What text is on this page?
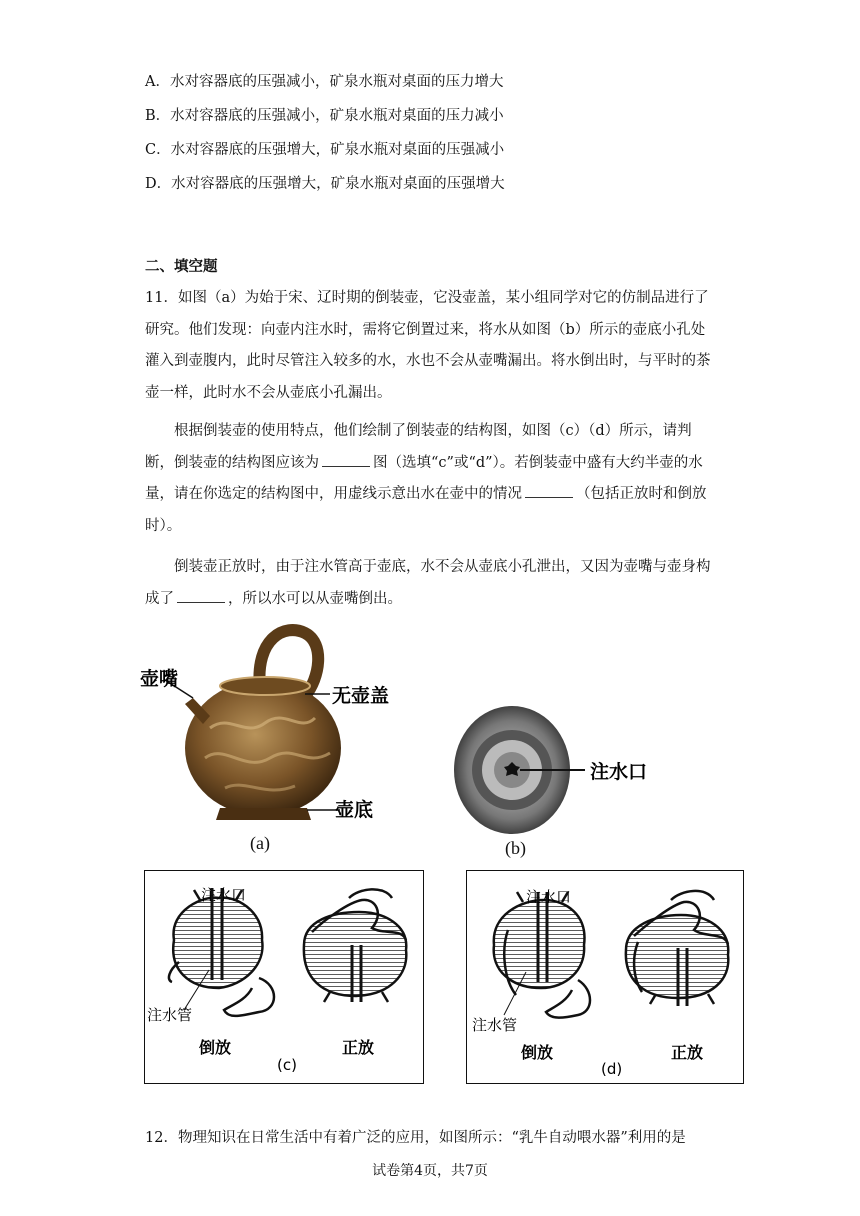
A．水对容器底的压强减小，矿泉水瓶对桌面的压力增大
B．水对容器底的压强减小，矿泉水瓶对桌面的压力减小
C．水对容器底的压强增大，矿泉水瓶对桌面的压强减小
D．水对容器底的压强增大，矿泉水瓶对桌面的压强增大
二、填空题
11．如图（a）为始于宋、辽时期的倒装壶，它没壶盖，某小组同学对它的仿制品进行了研究。他们发现：向壶内注水时，需将它倒置过来，将水从如图（b）所示的壶底小孔处灌入到壶腹内，此时尽管注入较多的水，水也不会从壶嘴漏出。将水倒出时，与平时的茶壶一样，此时水不会从壶底小孔漏出。
根据倒装壶的使用特点，他们绘制了倒装壶的结构图，如图（c）（d）所示，请判断，倒装壶的结构图应该为	图（选填“c”或“d”）。若倒装壶中盛有大约半壶的水量，请在你选定的结构图中，用虚线示意出水在壶中的情况	（包括正放时和倒放时）。
倒装壶正放时，由于注水管高于壶底，水不会从壶底小孔泄出，又因为壶嘴与壶身构成了	，所以水可以从壶嘴倒出。
壶嘴
无壶盖
壶底
(a)
注水口
(b)
注水口
注水管
倒放	正放
(c)
注水口
注水管
倒放	正放
(d)
12．物理知识在日常生活中有着广泛的应用，如图所示：“乳牛自动喂水器”利用的是
试卷第4页，共7页
